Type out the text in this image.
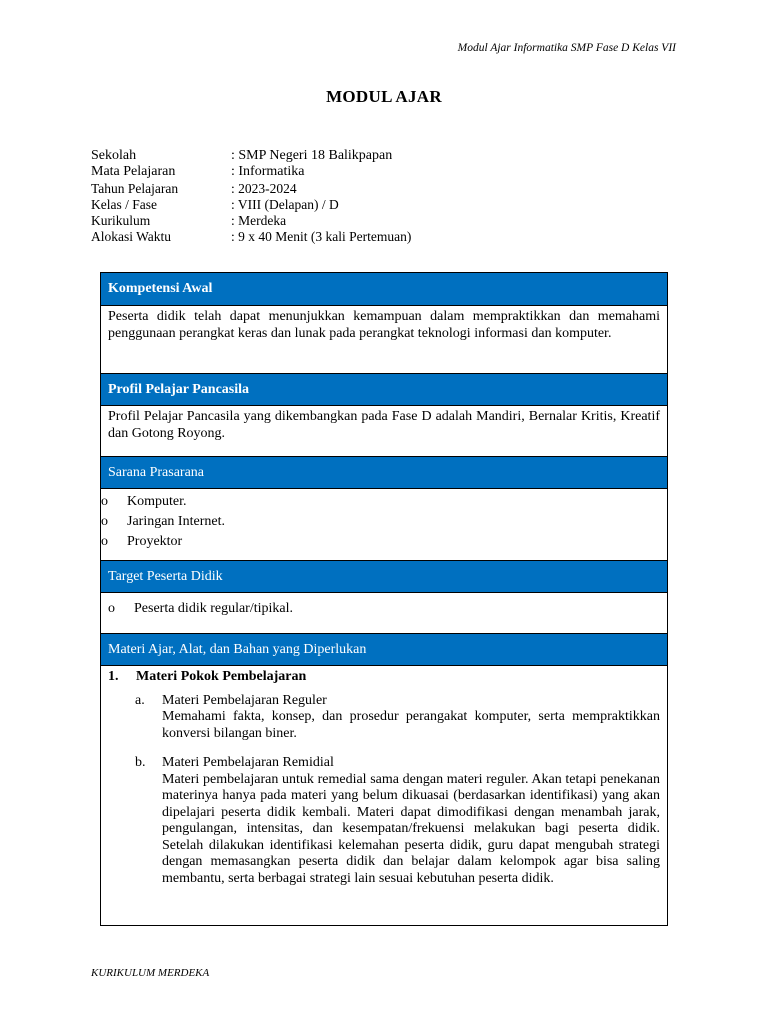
Modul Ajar Informatika SMP Fase D Kelas VII
MODUL AJAR
Sekolah	: SMP Negeri 18 Balikpapan
Mata Pelajaran	: Informatika
Tahun Pelajaran	: 2023-2024
Kelas / Fase	: VIII (Delapan) / D
Kurikulum	: Merdeka
Alokasi Waktu	: 9 x 40 Menit (3 kali Pertemuan)
Kompetensi Awal
Peserta didik telah dapat menunjukkan kemampuan dalam mempraktikkan dan memahami penggunaan perangkat keras dan lunak pada perangkat teknologi informasi dan komputer.
Profil Pelajar Pancasila
Profil Pelajar Pancasila yang dikembangkan pada Fase D adalah Mandiri, Bernalar Kritis, Kreatif dan Gotong Royong.
Sarana Prasarana
o	Komputer.
o	Jaringan Internet.
o	Proyektor
Target Peserta Didik
o	Peserta didik regular/tipikal.
Materi Ajar, Alat, dan Bahan yang Diperlukan
1.	Materi Pokok Pembelajaran
a.	Materi Pembelajaran Reguler
Memahami fakta, konsep, dan prosedur perangakat komputer, serta mempraktikkan konversi bilangan biner.
b.	Materi Pembelajaran Remidial
Materi pembelajaran untuk remedial sama dengan materi reguler. Akan tetapi penekanan materinya hanya pada materi yang belum dikuasai (berdasarkan identifikasi) yang akan dipelajari peserta didik kembali. Materi dapat dimodifikasi dengan menambah jarak, pengulangan, intensitas, dan kesempatan/frekuensi melakukan bagi peserta didik. Setelah dilakukan identifikasi kelemahan peserta didik, guru dapat mengubah strategi dengan memasangkan peserta didik dan belajar dalam kelompok agar bisa saling membantu, serta berbagai strategi lain sesuai kebutuhan peserta didik.
KURIKULUM MERDEKA
